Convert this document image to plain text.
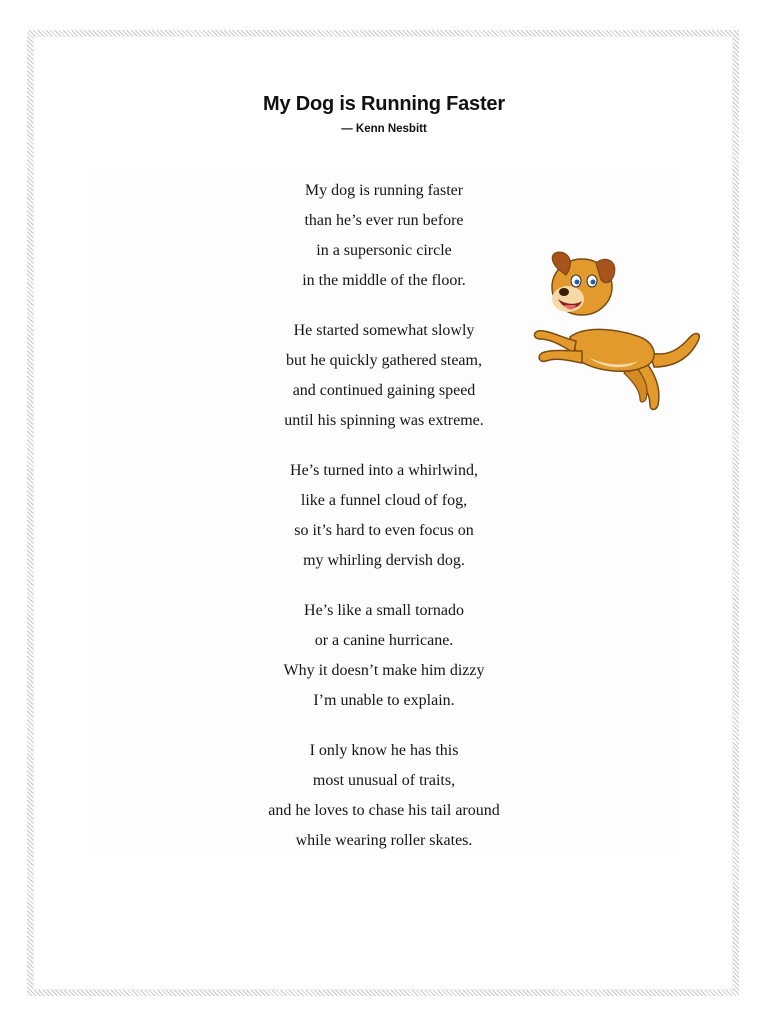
My Dog is Running Faster
— Kenn Nesbitt
My dog is running faster
than he’s ever run before
in a supersonic circle
in the middle of the floor.
He started somewhat slowly
but he quickly gathered steam,
and continued gaining speed
until his spinning was extreme.
He’s turned into a whirlwind,
like a funnel cloud of fog,
so it’s hard to even focus on
my whirling dervish dog.
He’s like a small tornado
or a canine hurricane.
Why it doesn’t make him dizzy
I’m unable to explain.
I only know he has this
most unusual of traits,
and he loves to chase his tail around
while wearing roller skates.
